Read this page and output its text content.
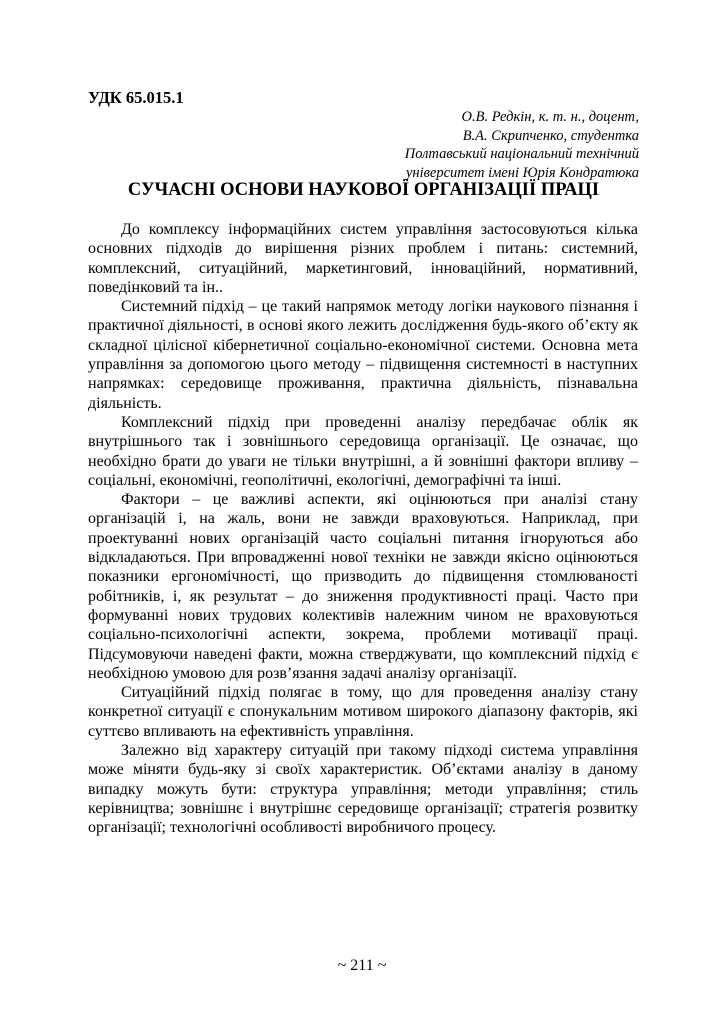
УДК 65.015.1
О.В. Редкін, к. т. н., доцент,
В.А. Скрипченко, студентка
Полтавський національний технічний
університет імені Юрія Кондратюка
СУЧАСНІ ОСНОВИ НАУКОВОЇ ОРГАНІЗАЦІЇ ПРАЦІ

До комплексу інформаційних систем управління застосовуються кілька основних підходів до вирішення різних проблем і питань: системний, комплексний, ситуаційний, маркетинговий, інноваційний, нормативний, поведінковий та ін..

Системний підхід – це такий напрямок методу логіки наукового пізнання і практичної діяльності, в основі якого лежить дослідження будь-якого об’єкту як складної цілісної кібернетичної соціально-економічної системи. Основна мета управління за допомогою цього методу – підвищення системності в наступних напрямках: середовище проживання, практична діяльність, пізнавальна діяльність.

Комплексний підхід при проведенні аналізу передбачає облік як внутрішнього так і зовнішнього середовища організації. Це означає, що необхідно брати до уваги не тільки внутрішні, а й зовнішні фактори впливу – соціальні, економічні, геополітичні, екологічні, демографічні та інші.

Фактори – це важливі аспекти, які оцінюються при аналізі стану організацій і, на жаль, вони не завжди враховуються. Наприклад, при проектуванні нових організацій часто соціальні питання ігноруються або відкладаються. При впровадженні нової техніки не завжди якісно оцінюються показники ергономічності, що призводить до підвищення стомлюваності робітників, і, як результат – до зниження продуктивності праці. Часто при формуванні нових трудових колективів належним чином не враховуються соціально-психологічні аспекти, зокрема, проблеми мотивації праці. Підсумовуючи наведені факти, можна стверджувати, що комплексний підхід є необхідною умовою для розв’язання задачі аналізу організації.

Ситуаційний підхід полягає в тому, що для проведення аналізу стану конкретної ситуації є спонукальним мотивом широкого діапазону факторів, які суттєво впливають на ефективність управління.

Залежно від характеру ситуацій при такому підході система управління може міняти будь-яку зі своїх характеристик. Об’єктами аналізу в даному випадку можуть бути: структура управління; методи управління; стиль керівництва; зовнішнє і внутрішнє середовище організації; стратегія розвитку організації; технологічні особливості виробничого процесу.

~ 211 ~
